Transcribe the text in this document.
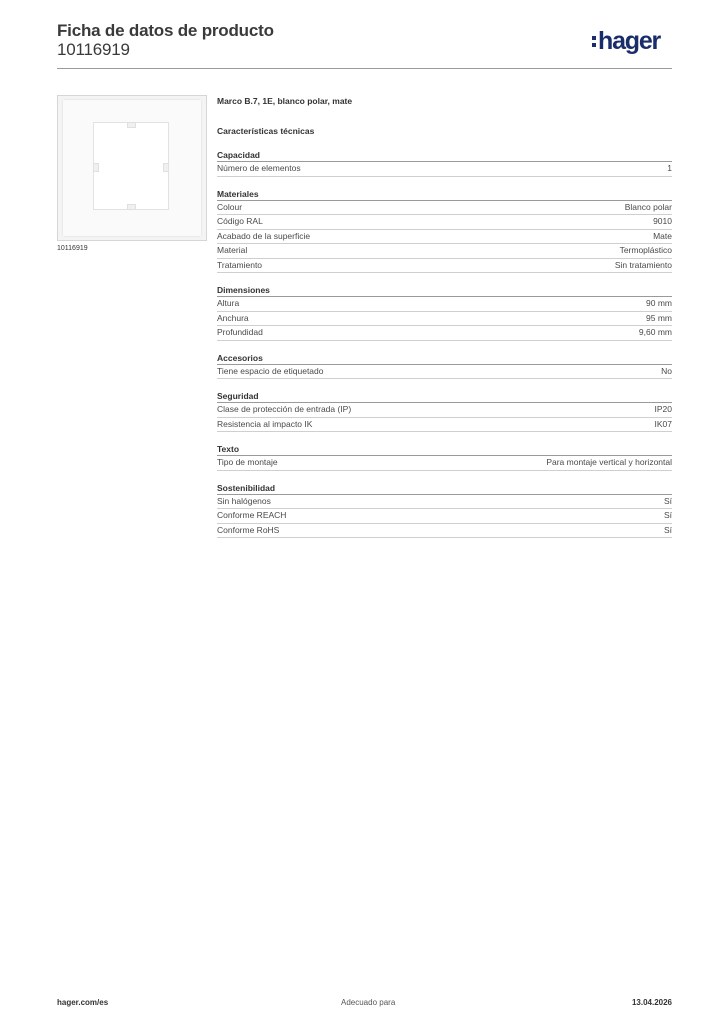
Ficha de datos de producto
10116919	hager
10116919
Marco B.7, 1E, blanco polar, mate
Características técnicas
Capacidad
Número de elementos	1
Materiales
Colour	Blanco polar
Código RAL	9010
Acabado de la superficie	Mate
Material	Termoplástico
Tratamiento	Sin tratamiento
Dimensiones
Altura	90 mm
Anchura	95 mm
Profundidad	9,60 mm
Accesorios
Tiene espacio de etiquetado	No
Seguridad
Clase de protección de entrada (IP)	IP20
Resistencia al impacto IK	IK07
Texto
Tipo de montaje	Para montaje vertical y horizontal
Sostenibilidad
Sin halógenos	Sí
Conforme REACH	Sí
Conforme RoHS	Sí
hager.com/es	Adecuado para	13.04.2026
